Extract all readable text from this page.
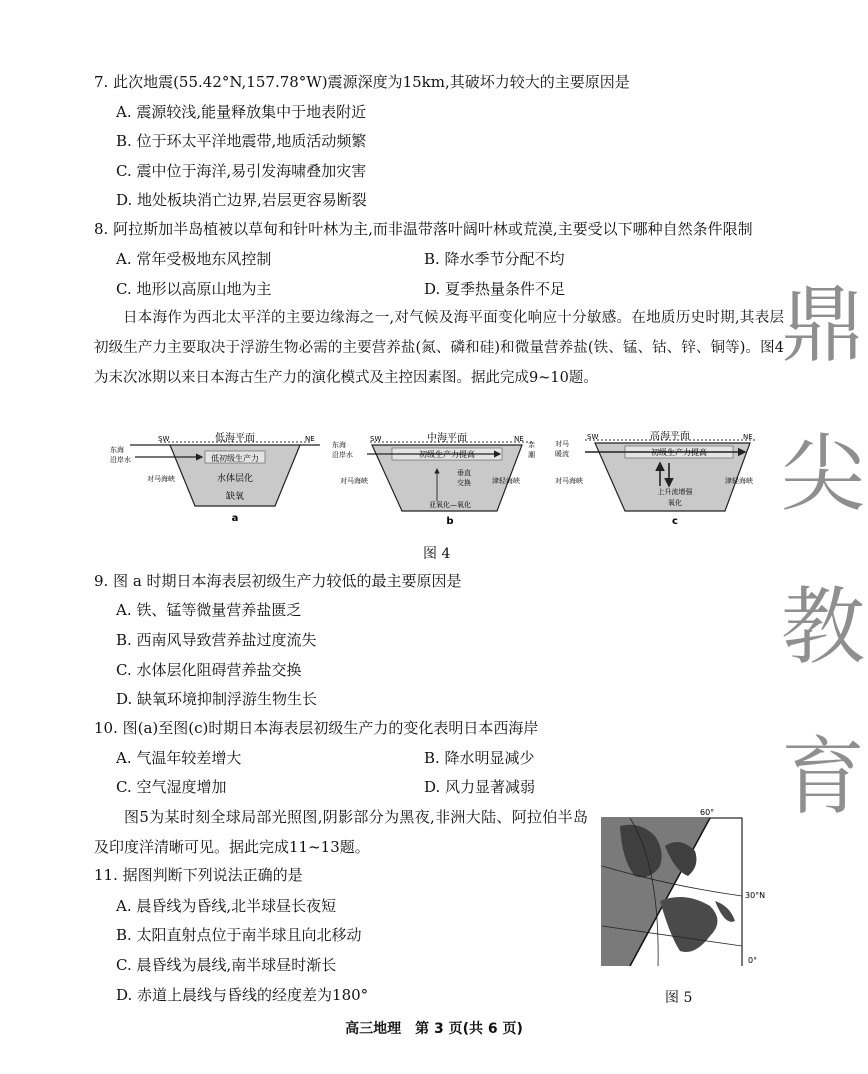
7. 此次地震(55.42°N,157.78°W)震源深度为15km,其破坏力较大的主要原因是
A. 震源较浅,能量释放集中于地表附近
B. 位于环太平洋地震带,地质活动频繁
C. 震中位于海洋,易引发海啸叠加灾害
D. 地处板块消亡边界,岩层更容易断裂
8. 阿拉斯加半岛植被以草甸和针叶林为主,而非温带落叶阔叶林或荒漠,主要受以下哪种自然条件限制
A. 常年受极地东风控制	B. 降水季节分配不均
C. 地形以高原山地为主	D. 夏季热量条件不足
日本海作为西北太平洋的主要边缘海之一,对气候及海平面变化响应十分敏感。在地质历史时期,其表层初级生产力主要取决于浮游生物必需的主要营养盐(氮、磷和硅)和微量营养盐(铁、锰、钴、锌、铜等)。图4为末次冰期以来日本海古生产力的演化模式及主控因素图。据此完成9~10题。
低海平面
SW	NE
东海
沿岸水	低初级生产力
对马海峡	水体层化
缺氧
a
中海平面
SW	NE
东海
沿岸水
亲
潮
初级生产力提高
垂直
交换
对马海峡	津轻海峡
亚氧化—氧化
b
高海平面
SW	NE
对马
暖流	初级生产力提高
对马海峡	津轻海峡
上升流增强
氧化
c
图 4
9. 图 a 时期日本海表层初级生产力较低的最主要原因是
A. 铁、锰等微量营养盐匮乏
B. 西南风导致营养盐过度流失
C. 水体层化阻碍营养盐交换
D. 缺氧环境抑制浮游生物生长
10. 图(a)至图(c)时期日本海表层初级生产力的变化表明日本西海岸
A. 气温年较差增大	B. 降水明显减少
C. 空气湿度增加	D. 风力显著减弱
图5为某时刻全球局部光照图,阴影部分为黑夜,非洲大陆、阿拉伯半岛及印度洋清晰可见。据此完成11~13题。
11. 据图判断下列说法正确的是
A. 晨昏线为昏线,北半球昼长夜短
B. 太阳直射点位于南半球且向北移动
C. 晨昏线为晨线,南半球昼时渐长
D. 赤道上晨线与昏线的经度差为180°
60°
30°N
0°
图 5
鼎
尖
教
育
高三地理　第 3 页(共 6 页)
